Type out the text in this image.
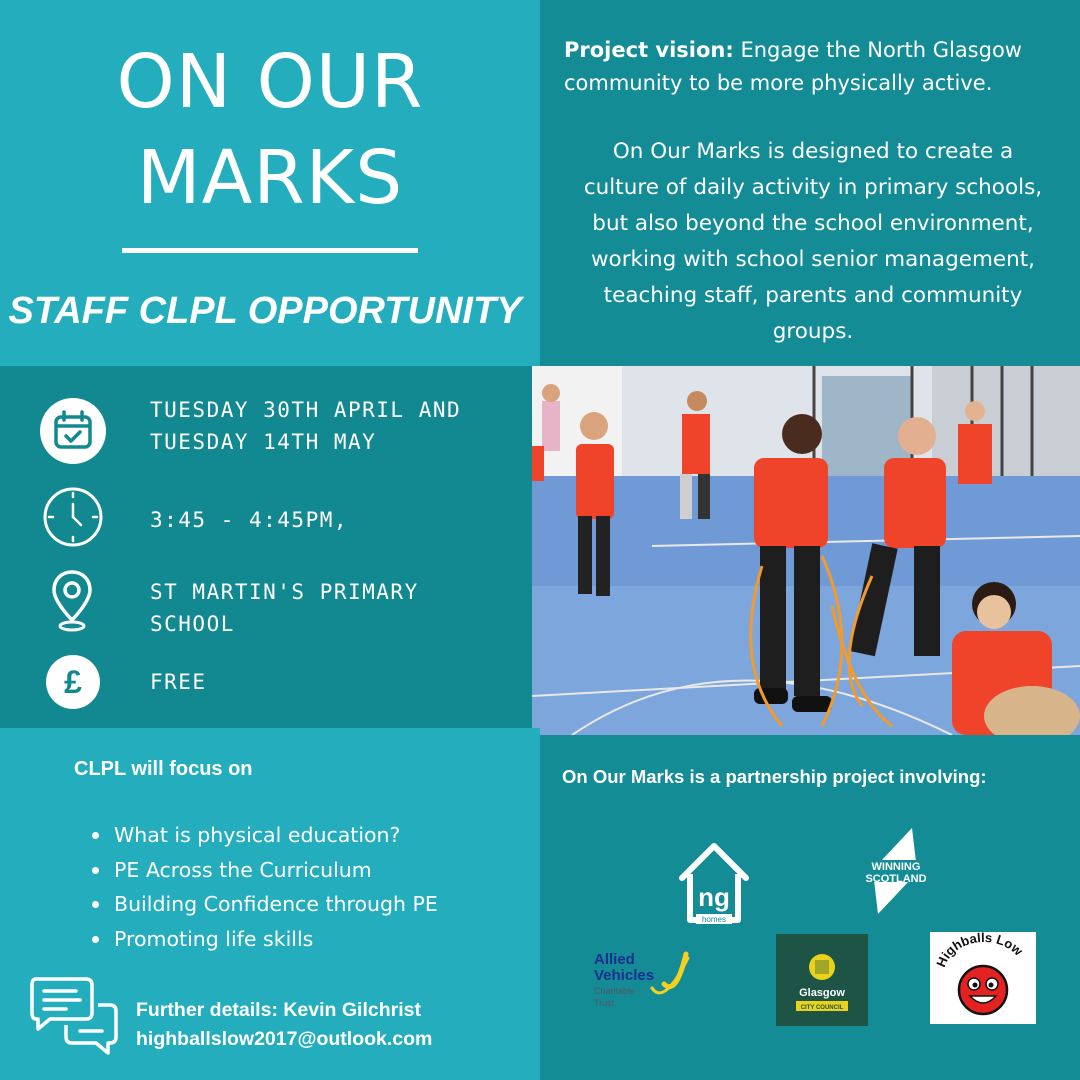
ON OUR
MARKS
STAFF CLPL OPPORTUNITY
Project vision: Engage the North Glasgow community to be more physically active.
On Our Marks is designed to create a culture of daily activity in primary schools, but also beyond the school environment, working with school senior management, teaching staff, parents and community groups.
TUESDAY 30TH APRIL AND
TUESDAY 14TH MAY
3:45 - 4:45PM,
ST MARTIN'S PRIMARY
SCHOOL
£	FREE
CLPL will focus on
What is physical education?
PE Across the Curriculum
Building Confidence through PE
Promoting life skills
Further details: Kevin Gilchrist
highballslow2017@outlook.com
On Our Marks is a partnership project involving:
ng
homes
WINNING
SCOTLAND
Allied
Vehicles
Charitable
Trust
Glasgow
CITY COUNCIL
Highballs Low
